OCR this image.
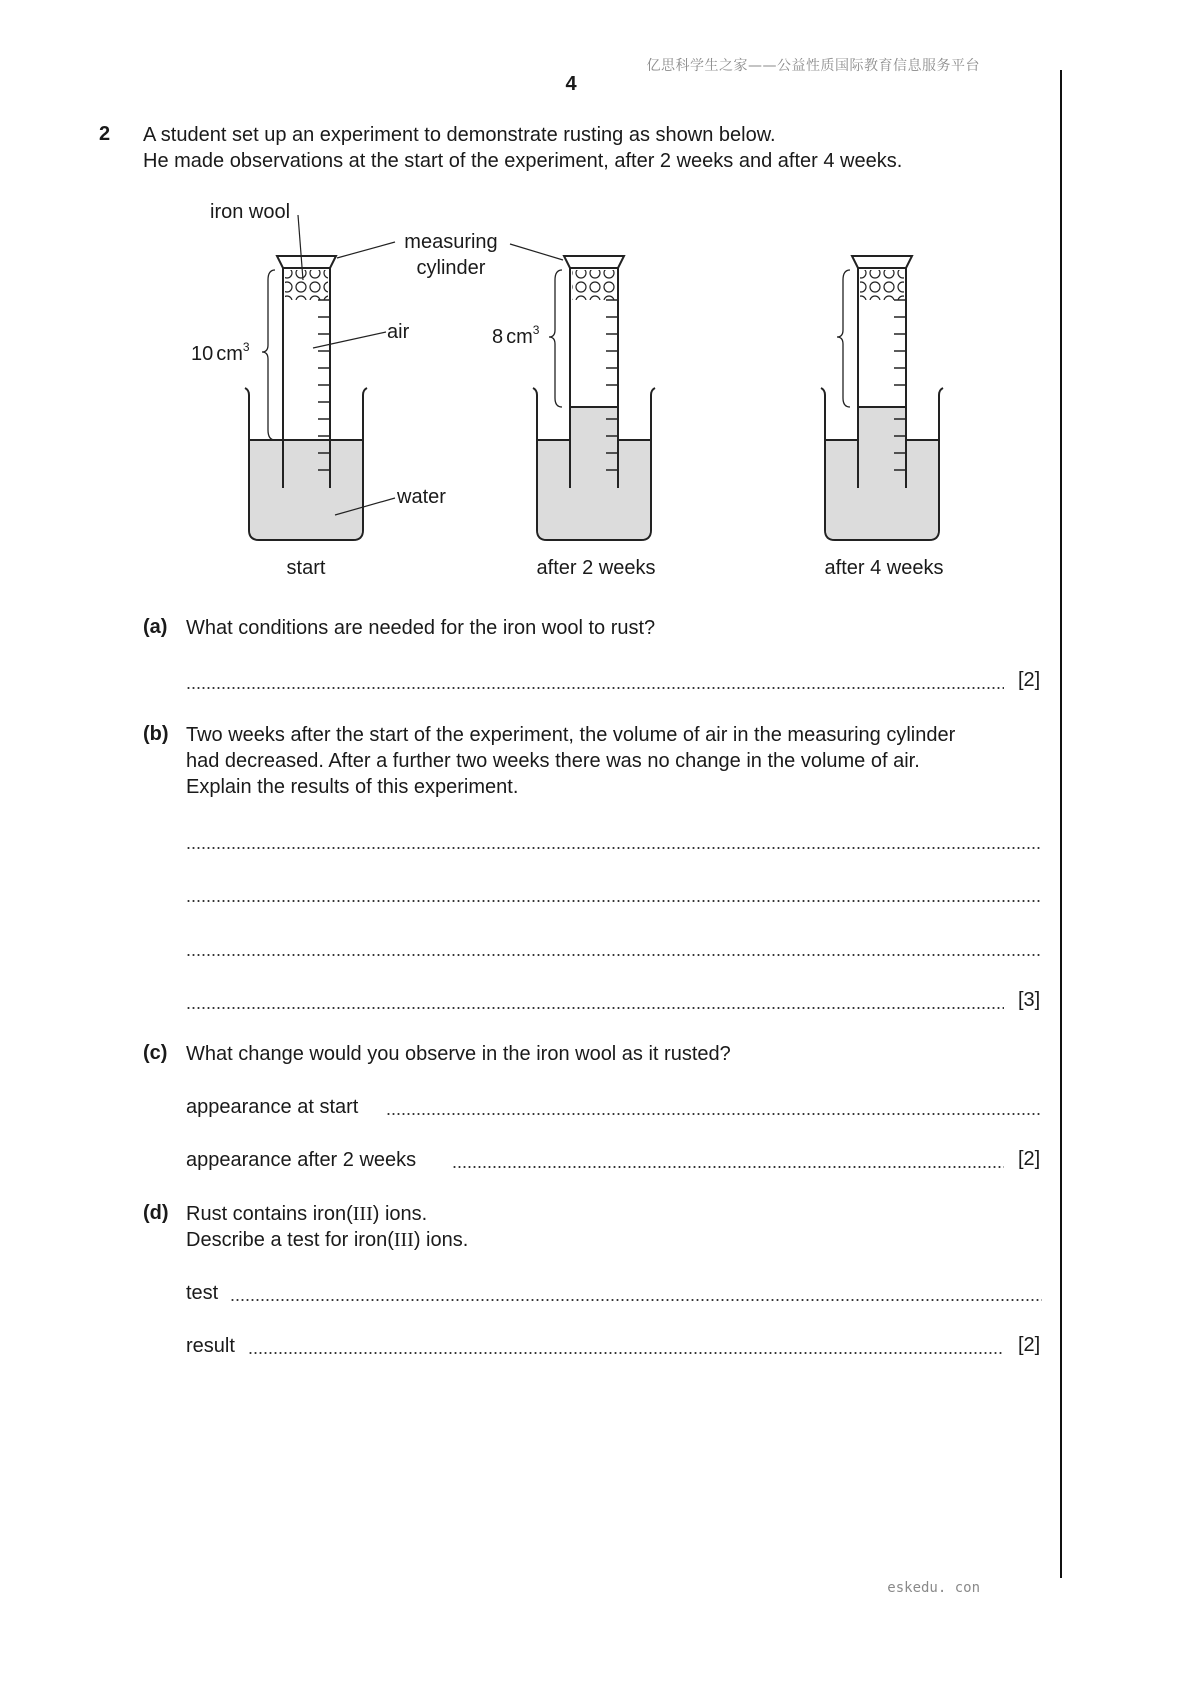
亿思科学生之家——公益性质国际教育信息服务平台
4
2 A student set up an experiment to demonstrate rusting as shown below.
He made observations at the start of the experiment, after 2 weeks and after 4 weeks.
iron wool
measuring
cylinder
air
water
10 $cm^3$	8 $cm^3$
start	after 2 weeks	after 4 weeks
(a) What conditions are needed for the iron wool to rust?
[2]
(b) Two weeks after the start of the experiment, the volume of air in the measuring cylinder
had decreased. After a further two weeks there was no change in the volume of air.
Explain the results of this experiment.
[3]
(c) What change would you observe in the iron wool as it rusted?
appearance at start
appearance after 2 weeks	[2]
(d) Rust contains iron(III) ions.
Describe a test for iron(III) ions.
test
result	[2]
eskedu. con
